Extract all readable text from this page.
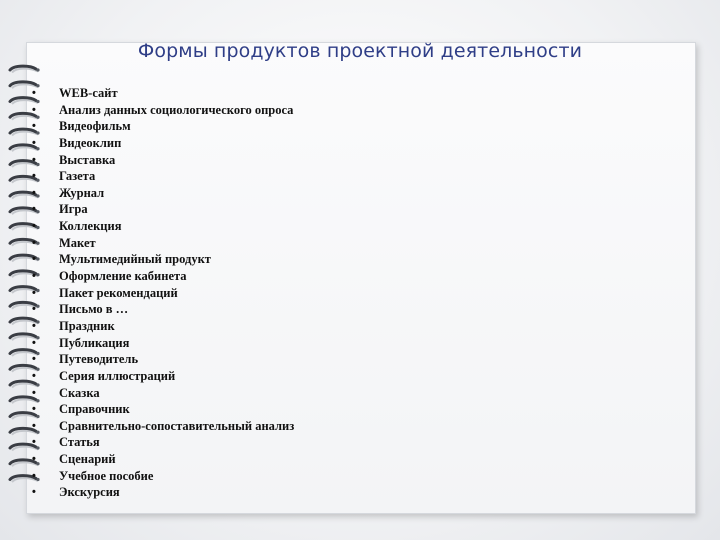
Формы продуктов проектной деятельности
• WEB-сайт
• Анализ данных социологического опроса
• Видеофильм
• Видеоклип
• Выставка
• Газета
• Журнал
• Игра
• Коллекция
• Макет
• Мультимедийный продукт
• Оформление кабинета
• Пакет рекомендаций
• Письмо в …
• Праздник
• Публикация
• Путеводитель
• Серия иллюстраций
• Сказка
• Справочник
• Сравнительно-сопоставительный анализ
• Статья
• Сценарий
• Учебное пособие
• Экскурсия
